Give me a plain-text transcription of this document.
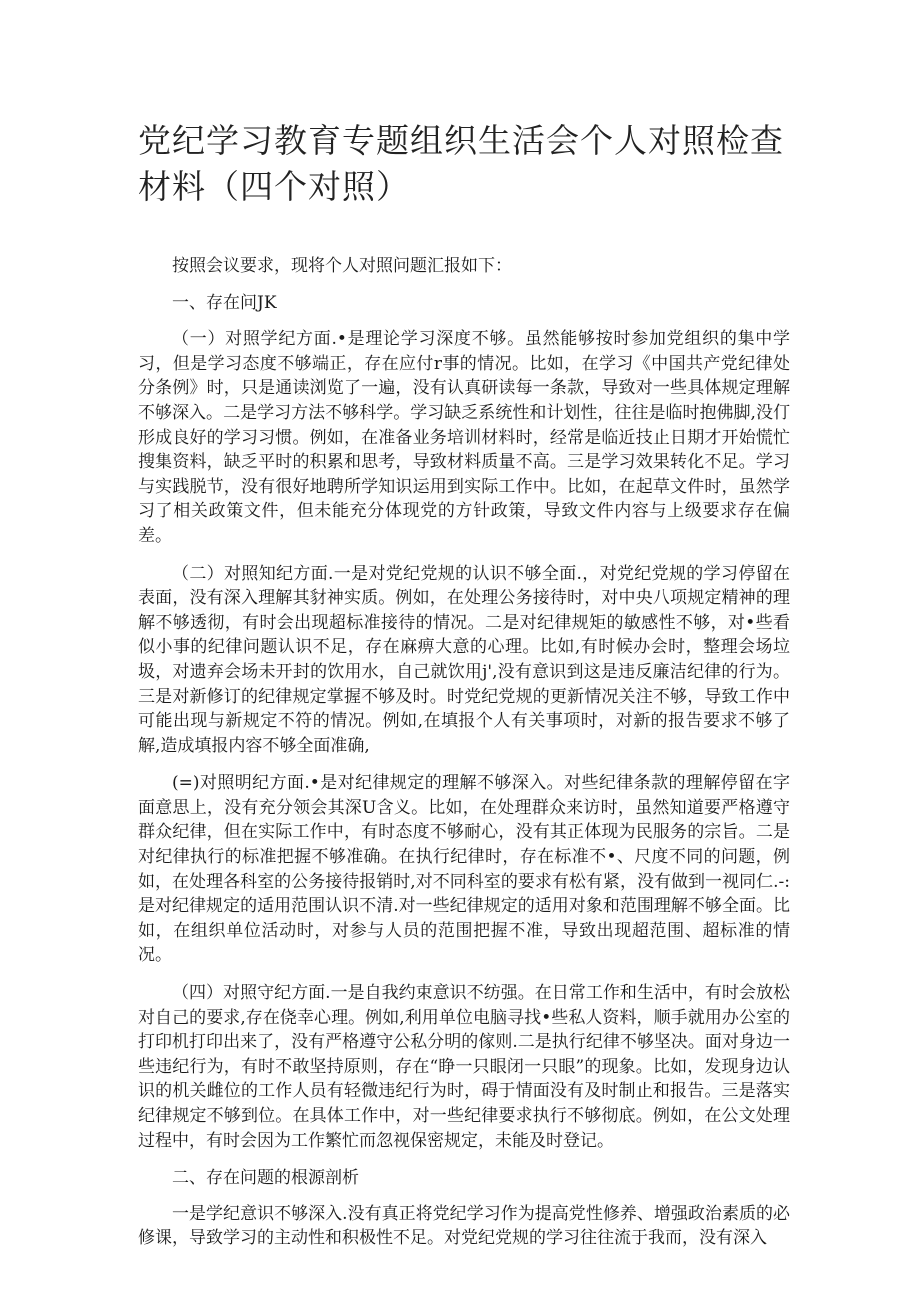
党纪学习教育专题组织生活会个人对照检查材料（四个对照）

按照会议要求，现将个人对照问题汇报如下：

一、存在问JK

（一）对照学纪方面.•是理论学习深度不够。虽然能够按时参加党组织的集中学习，但是学习态度不够端正，存在应付r事的情况。比如，在学习《中国共产党纪律处分条例》时，只是通读浏览了一遍，没有认真研读每一条款，导致对一些具体规定理解不够深入。二是学习方法不够科学。学习缺乏系统性和计划性，往往是临时抱佛脚,没仃形成良好的学习习惯。例如，在准备业务培训材料时，经常是临近技止日期才开始慌忙搜集资料，缺乏平时的积累和思考，导致材料质量不高。三是学习效果转化不足。学习与实践脱节，没有很好地聘所学知识运用到实际工作中。比如，在起草文件时，虽然学习了相关政策文件，但未能充分体现党的方针政策，导致文件内容与上级要求存在偏差。

（二）对照知纪方面.一是对党纪党规的认识不够全面.，对党纪党规的学习停留在表面，没有深入理解其豺神实质。例如，在处理公务接待时，对中央八项规定精神的理解不够透彻，有时会出现超标准接待的情况。二是对纪律规矩的敏感性不够，对•些看似小事的纪律问题认识不足，存在麻痹大意的心理。比如,有时候办会时，整理会场垃圾，对遗弃会场未开封的饮用水，自己就饮用j',没有意识到这是违反廉洁纪律的行为。三是对新修订的纪律规定掌握不够及时。时党纪党规的更新情况关注不够，导致工作中可能出现与新规定不符的情况。例如,在填报个人有关事项时，对新的报告要求不够了解,造成填报内容不够全面准确,

(=)对照明纪方面.•是对纪律规定的理解不够深入。对些纪律条款的理解停留在字面意思上，没有充分领会其深U含义。比如，在处理群众来访时，虽然知道要严格遵守群众纪律，但在实际工作中，有时态度不够耐心，没有其正体现为民服务的宗旨。二是对纪律执行的标准把握不够准确。在执行纪律时，存在标准不•、尺度不同的问题，例如，在处理各科室的公务接待报销时,对不同科室的要求有松有紧，没有做到一视同仁.-:是对纪律规定的适用范围认识不清.对一些纪律规定的适用对象和范围理解不够全面。比如，在组织单位活动时，对参与人员的范围把握不准，导致出现超范围、超标准的情况。

（四）对照守纪方面.一是自我约束意识不纺强。在日常工作和生活中，有时会放松对自己的要求,存在侥幸心理。例如,利用单位电脑寻找•些私人资料，顺手就用办公室的打印机打印出来了，没有严格遵守公私分明的傢则.二是执行纪律不够坚决。面对身边一些违纪行为，有时不敢坚持原则，存在“睁一只眼闭一只眼”的现象。比如，发现身边认识的机关雌位的工作人员有轻微违纪行为时，碍于情面没有及时制止和报告。三是落实纪律规定不够到位。在具体工作中，对一些纪律要求执行不够彻底。例如，在公文处理过程中，有时会因为工作繁忙而忽视保密规定，未能及时登记。

二、存在问题的根源剖析

一是学纪意识不够深入.没有真正将党纪学习作为提高党性修养、增强政治素质的必修课，导致学习的主动性和积极性不足。对党纪党规的学习往往流于我而，没有深入
